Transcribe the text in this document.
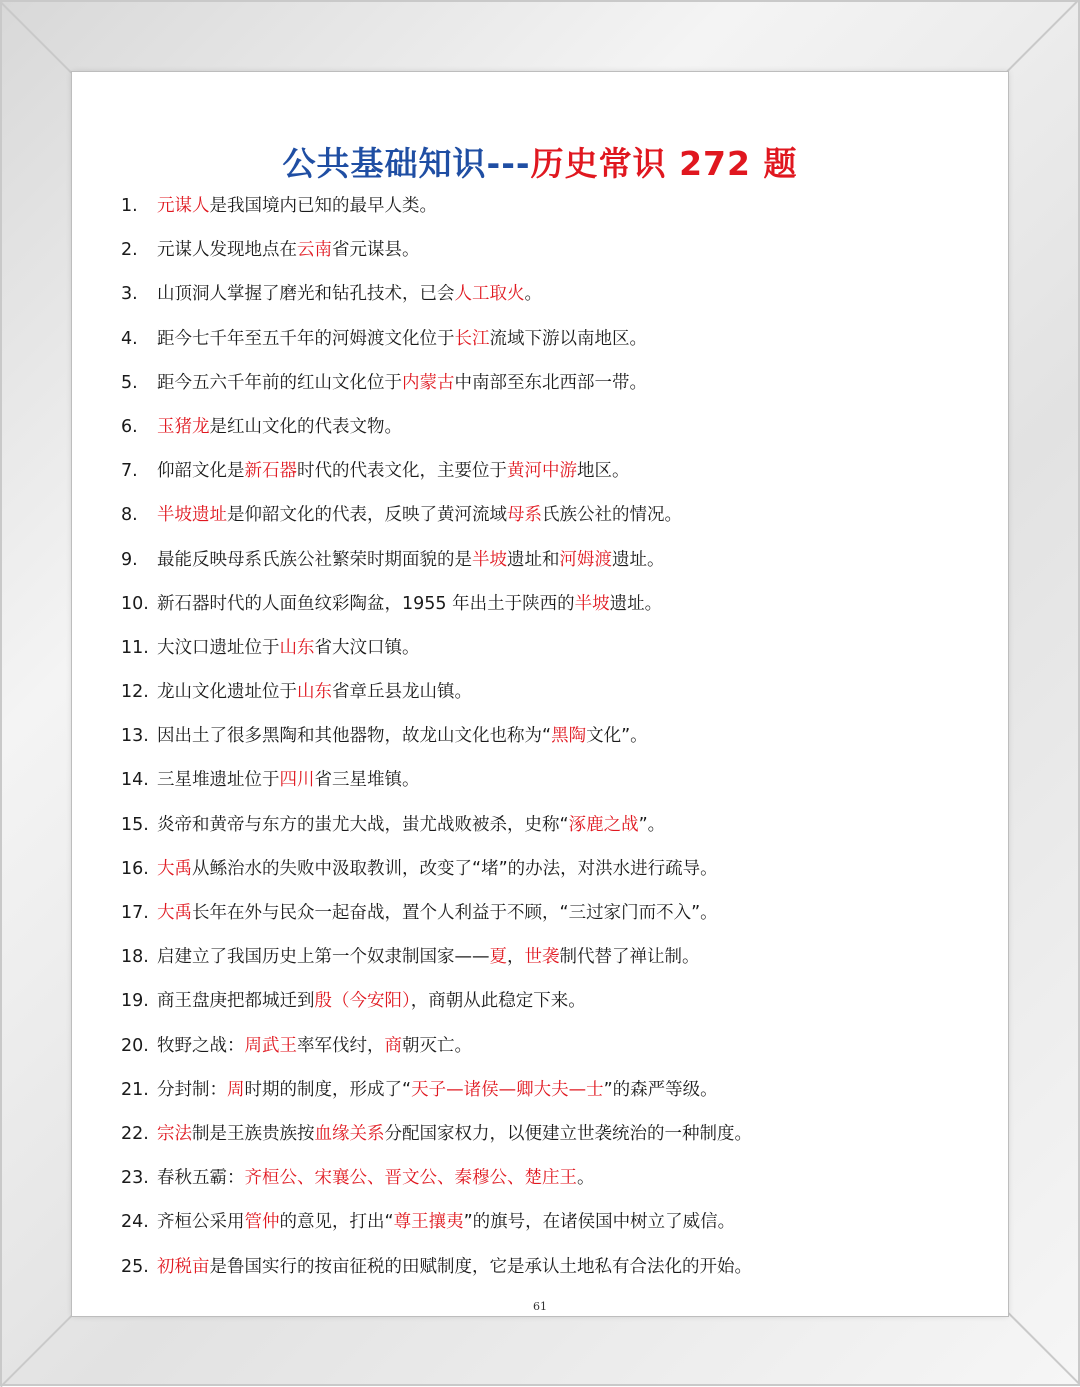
公共基础知识---历史常识 272 题
1. 元谋人是我国境内已知的最早人类。
2. 元谋人发现地点在云南省元谋县。
3. 山顶洞人掌握了磨光和钻孔技术，已会人工取火。
4. 距今七千年至五千年的河姆渡文化位于长江流域下游以南地区。
5. 距今五六千年前的红山文化位于内蒙古中南部至东北西部一带。
6. 玉猪龙是红山文化的代表文物。
7. 仰韶文化是新石器时代的代表文化，主要位于黄河中游地区。
8. 半坡遗址是仰韶文化的代表，反映了黄河流域母系氏族公社的情况。
9. 最能反映母系氏族公社繁荣时期面貌的是半坡遗址和河姆渡遗址。
10. 新石器时代的人面鱼纹彩陶盆，1955 年出土于陕西的半坡遗址。
11. 大汶口遗址位于山东省大汶口镇。
12. 龙山文化遗址位于山东省章丘县龙山镇。
13. 因出土了很多黑陶和其他器物，故龙山文化也称为“黑陶文化”。
14. 三星堆遗址位于四川省三星堆镇。
15. 炎帝和黄帝与东方的蚩尤大战，蚩尤战败被杀，史称“涿鹿之战”。
16. 大禹从鲧治水的失败中汲取教训，改变了“堵”的办法，对洪水进行疏导。
17. 大禹长年在外与民众一起奋战，置个人利益于不顾，“三过家门而不入”。
18. 启建立了我国历史上第一个奴隶制国家——夏，世袭制代替了禅让制。
19. 商王盘庚把都城迁到殷（今安阳），商朝从此稳定下来。
20. 牧野之战：周武王率军伐纣，商朝灭亡。
21. 分封制：周时期的制度，形成了“天子—诸侯—卿大夫—士”的森严等级。
22. 宗法制是王族贵族按血缘关系分配国家权力，以便建立世袭统治的一种制度。
23. 春秋五霸：齐桓公、宋襄公、晋文公、秦穆公、楚庄王。
24. 齐桓公采用管仲的意见，打出“尊王攘夷”的旗号，在诸侯国中树立了威信。
25. 初税亩是鲁国实行的按亩征税的田赋制度，它是承认土地私有合法化的开始。
61
